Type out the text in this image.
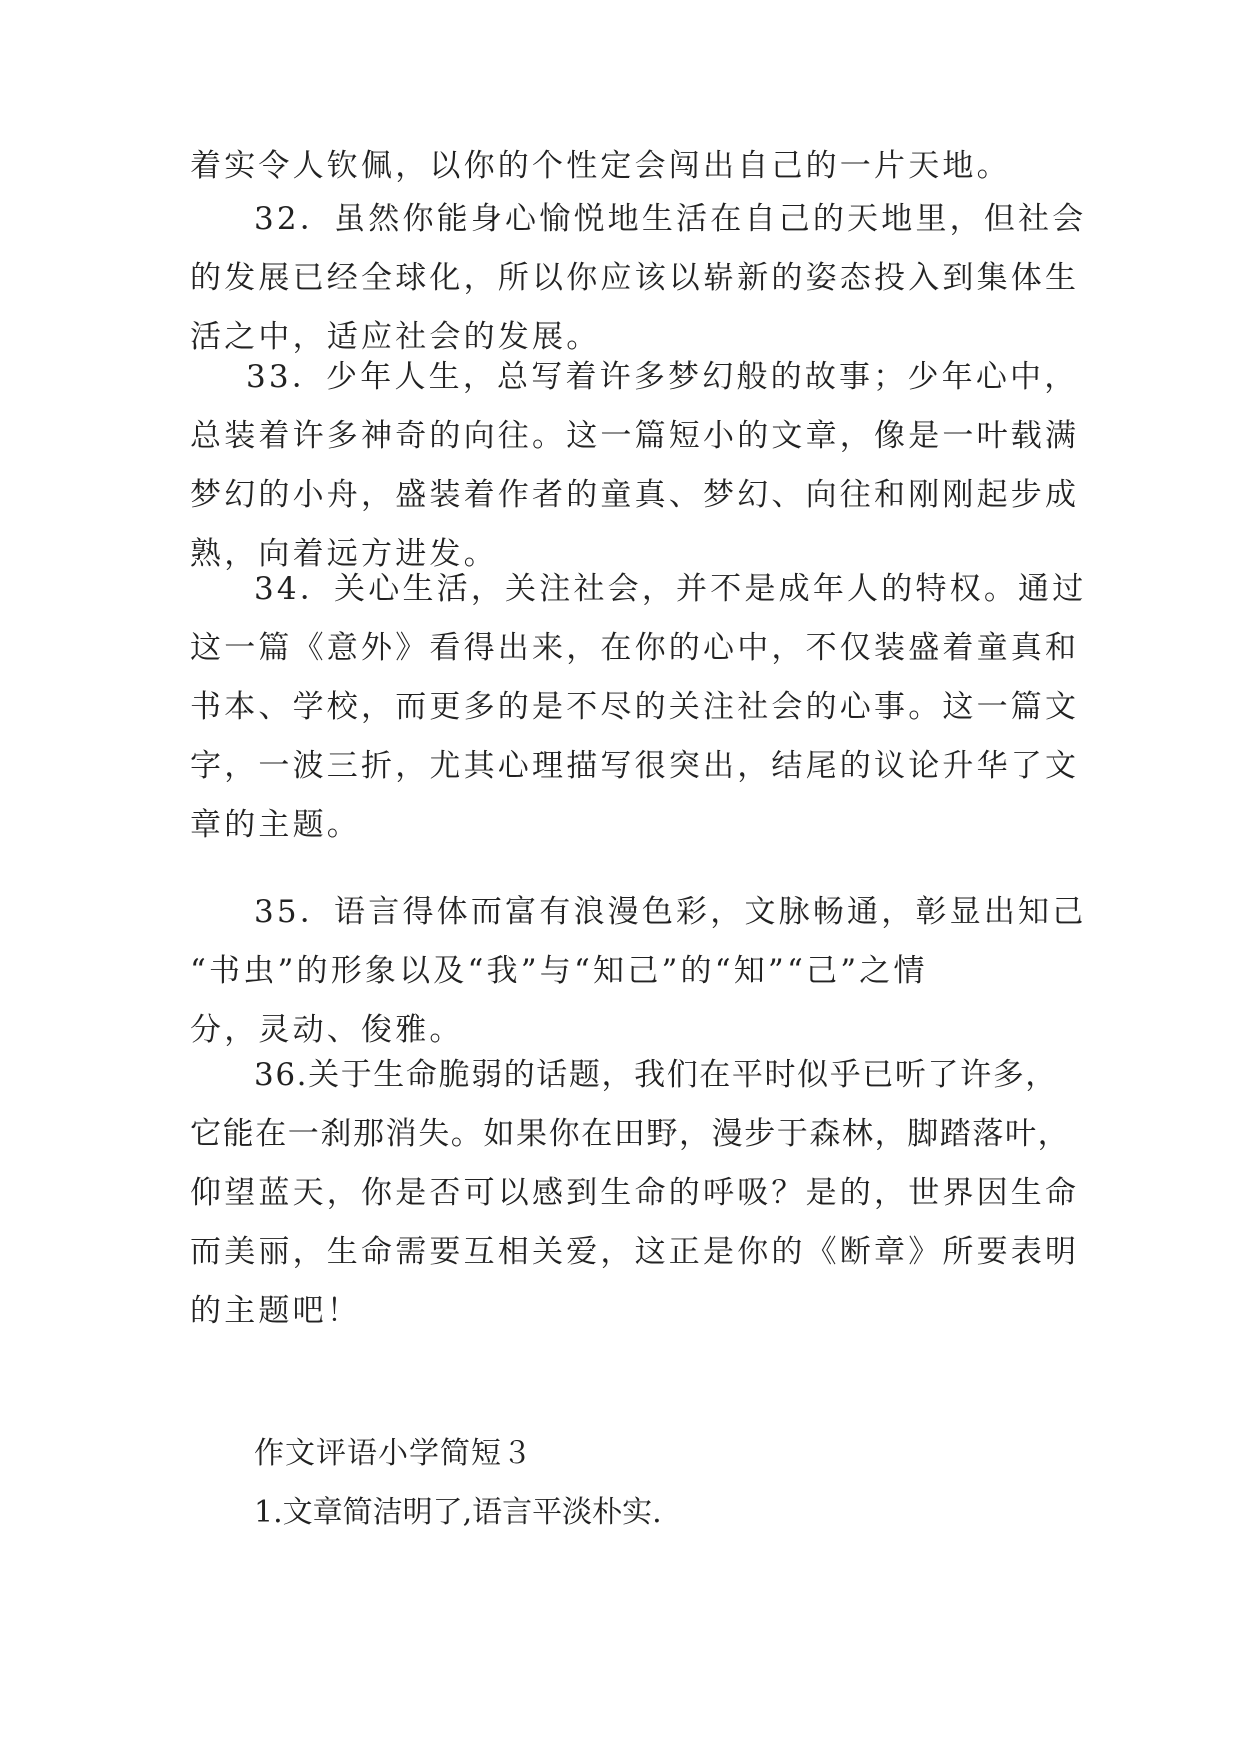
着实令人钦佩，以你的个性定会闯出自己的一片天地。
32．虽然你能身心愉悦地生活在自己的天地里，但社会
的发展已经全球化，所以你应该以崭新的姿态投入到集体生
活之中，适应社会的发展。
33．少年人生，总写着许多梦幻般的故事；少年心中，
总装着许多神奇的向往。这一篇短小的文章，像是一叶载满
梦幻的小舟，盛装着作者的童真、梦幻、向往和刚刚起步成
熟，向着远方进发。
34．关心生活，关注社会，并不是成年人的特权。通过
这一篇《意外》看得出来，在你的心中，不仅装盛着童真和
书本、学校，而更多的是不尽的关注社会的心事。这一篇文
字，一波三折，尤其心理描写很突出，结尾的议论升华了文
章的主题。
35．语言得体而富有浪漫色彩，文脉畅通，彰显出知己
“书虫”的形象以及“我”与“知己”的“知”“己”之情
分，灵动、俊雅。
36.关于生命脆弱的话题，我们在平时似乎已听了许多，
它能在一刹那消失。如果你在田野，漫步于森林，脚踏落叶，
仰望蓝天，你是否可以感到生命的呼吸？是的，世界因生命
而美丽，生命需要互相关爱，这正是你的《断章》所要表明
的主题吧！
作文评语小学简短３
1.文章简洁明了,语言平淡朴实.
